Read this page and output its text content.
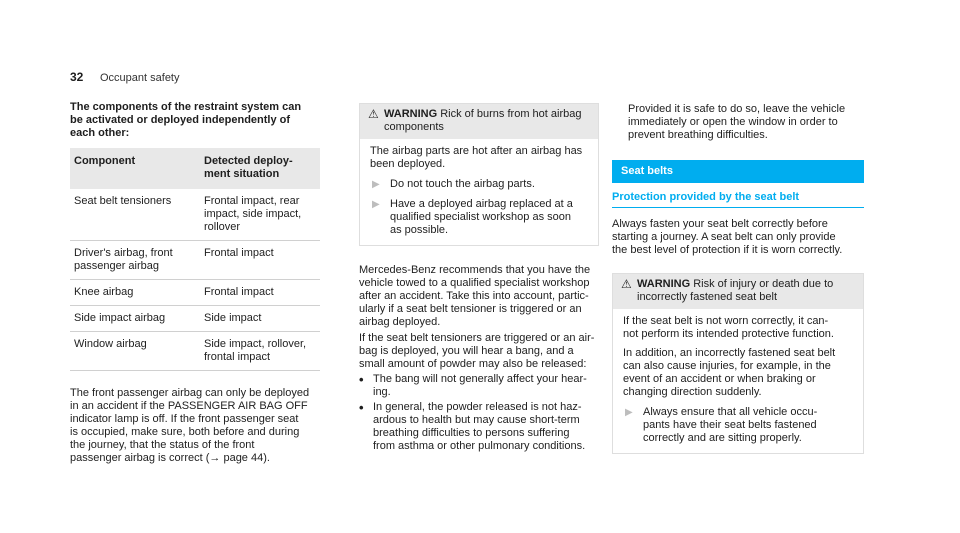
32 Occupant safety
The components of the restraint system can
be activated or deployed independently of
each other:
Component	Detected deploy-
ment situation

Seat belt tensioners	Frontal impact, rear
impact, side impact,
rollover

Driver's airbag, front
passenger airbag	Frontal impact

Knee airbag	Frontal impact

Side impact airbag	Side impact

Window airbag	Side impact, rollover,
frontal impact
The front passenger airbag can only be deployed
in an accident if the PASSENGER AIR BAG OFF
indicator lamp is off. If the front passenger seat
is occupied, make sure, both before and during
the journey, that the status of the front
passenger airbag is correct (→ page 44).
⚠ WARNING Rick of burns from hot airbag
components
The airbag parts are hot after an airbag has
been deployed.
▶ Do not touch the airbag parts.
▶ Have a deployed airbag replaced at a
qualified specialist workshop as soon
as possible.
Mercedes-Benz recommends that you have the
vehicle towed to a qualified specialist workshop
after an accident. Take this into account, partic-
ularly if a seat belt tensioner is triggered or an
airbag deployed.
If the seat belt tensioners are triggered or an air-
bag is deployed, you will hear a bang, and a
small amount of powder may also be released:
• The bang will not generally affect your hear-
ing.
• In general, the powder released is not haz-
ardous to health but may cause short-term
breathing difficulties to persons suffering
from asthma or other pulmonary conditions.
Provided it is safe to do so, leave the vehicle
immediately or open the window in order to
prevent breathing difficulties.
Seat belts
Protection provided by the seat belt
Always fasten your seat belt correctly before
starting a journey. A seat belt can only provide
the best level of protection if it is worn correctly.
⚠ WARNING Risk of injury or death due to
incorrectly fastened seat belt
If the seat belt is not worn correctly, it can-
not perform its intended protective function.
In addition, an incorrectly fastened seat belt
can also cause injuries, for example, in the
event of an accident or when braking or
changing direction suddenly.
▶ Always ensure that all vehicle occu-
pants have their seat belts fastened
correctly and are sitting properly.
